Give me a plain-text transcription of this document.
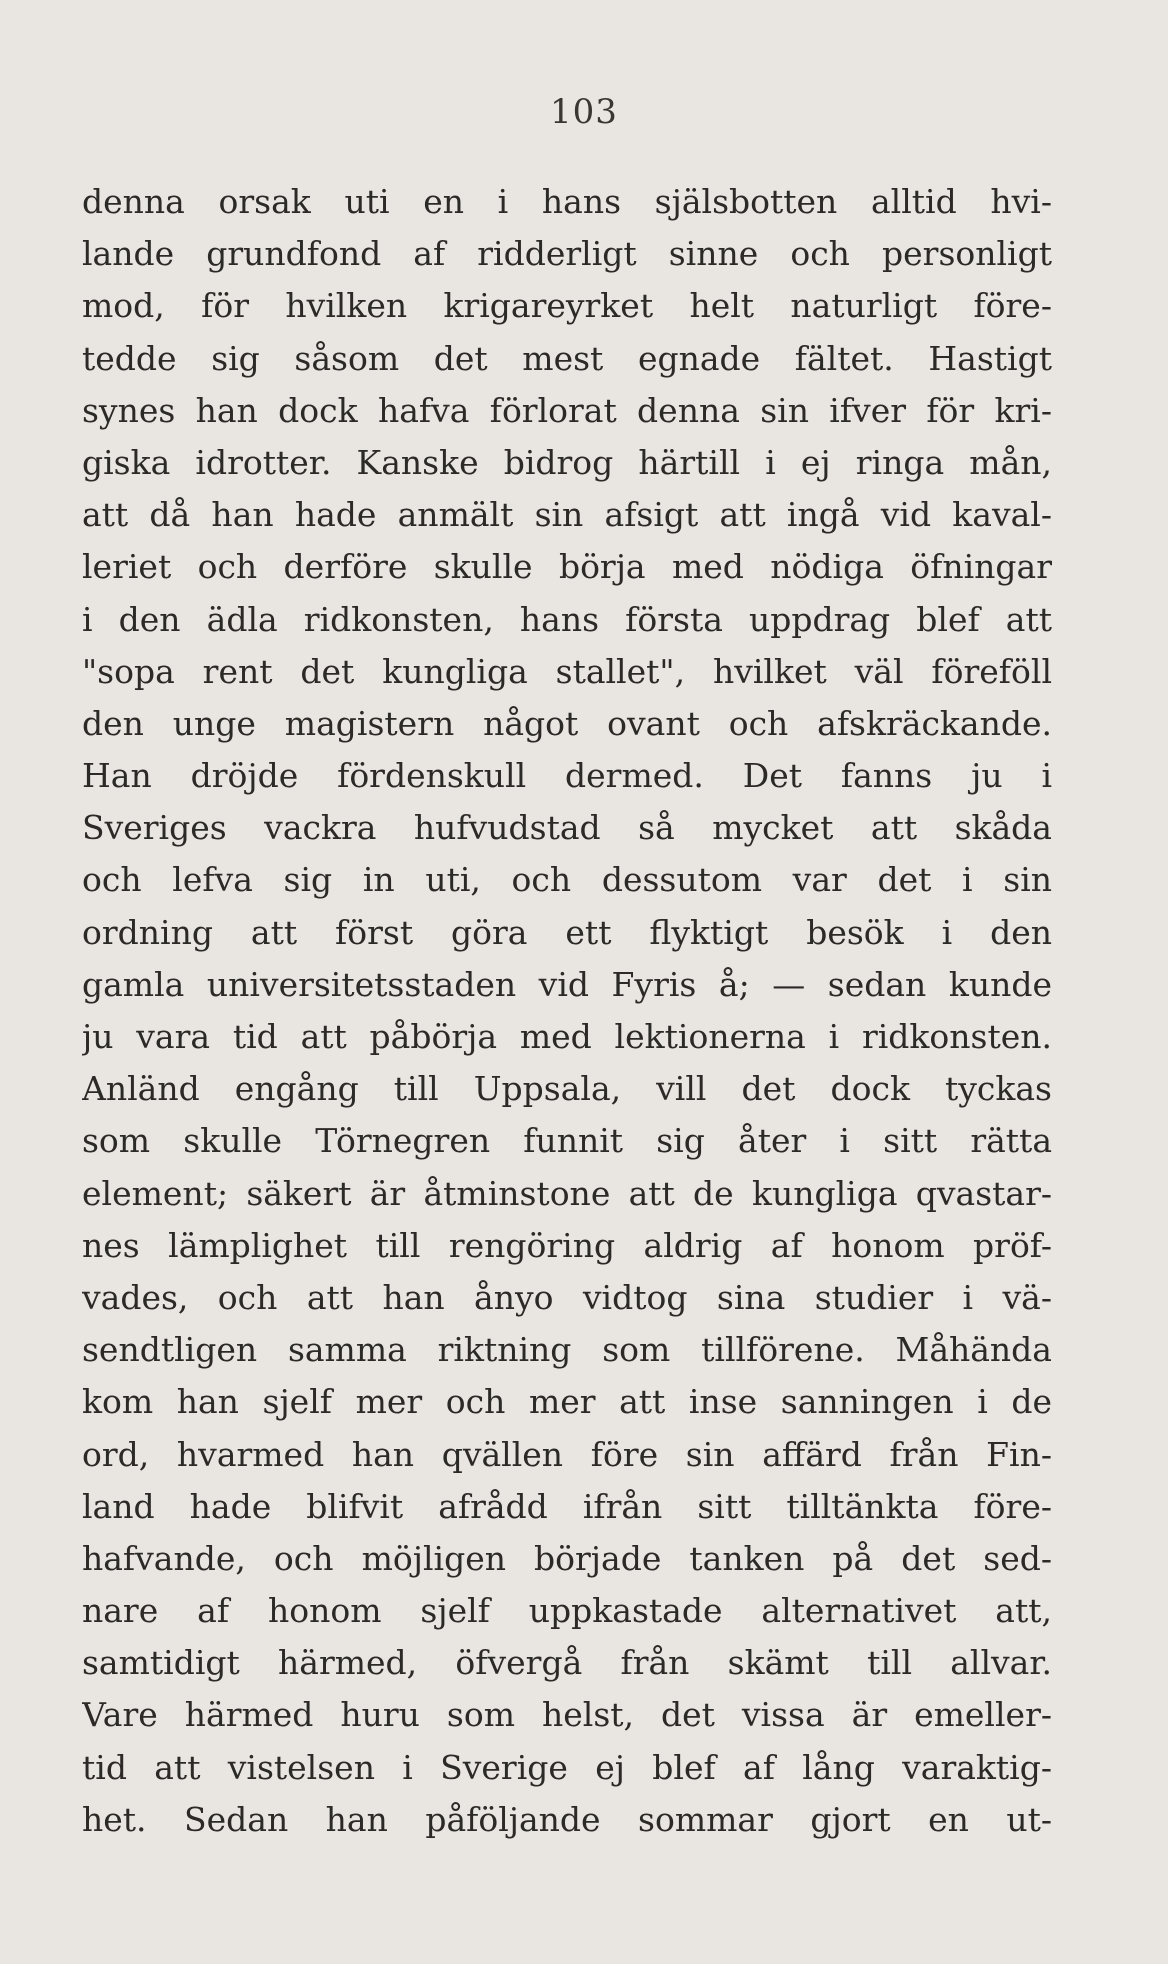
103
denna orsak uti en i hans själsbotten alltid hvi-
lande grundfond af ridderligt sinne och personligt
mod, för hvilken krigareyrket helt naturligt före-
tedde sig såsom det mest egnade fältet. Hastigt
synes han dock hafva förlorat denna sin ifver för kri-
giska idrotter. Kanske bidrog härtill i ej ringa mån,
att då han hade anmält sin afsigt att ingå vid kaval-
leriet och derföre skulle börja med nödiga öfningar
i den ädla ridkonsten, hans första uppdrag blef att
"sopa rent det kungliga stallet", hvilket väl föreföll
den unge magistern något ovant och afskräckande.
Han dröjde fördenskull dermed. Det fanns ju i
Sveriges vackra hufvudstad så mycket att skåda
och lefva sig in uti, och dessutom var det i sin
ordning att först göra ett flyktigt besök i den
gamla universitetsstaden vid Fyris å; — sedan kunde
ju vara tid att påbörja med lektionerna i ridkonsten.
Anländ engång till Uppsala, vill det dock tyckas
som skulle Törnegren funnit sig åter i sitt rätta
element; säkert är åtminstone att de kungliga qvastar-
nes lämplighet till rengöring aldrig af honom pröf-
vades, och att han ånyo vidtog sina studier i vä-
sendtligen samma riktning som tillförene. Måhända
kom han sjelf mer och mer att inse sanningen i de
ord, hvarmed han qvällen före sin affärd från Fin-
land hade blifvit afrådd ifrån sitt tilltänkta före-
hafvande, och möjligen började tanken på det sed-
nare af honom sjelf uppkastade alternativet att,
samtidigt härmed, öfvergå från skämt till allvar.
Vare härmed huru som helst, det vissa är emeller-
tid att vistelsen i Sverige ej blef af lång varaktig-
het. Sedan han påföljande sommar gjort en ut-
